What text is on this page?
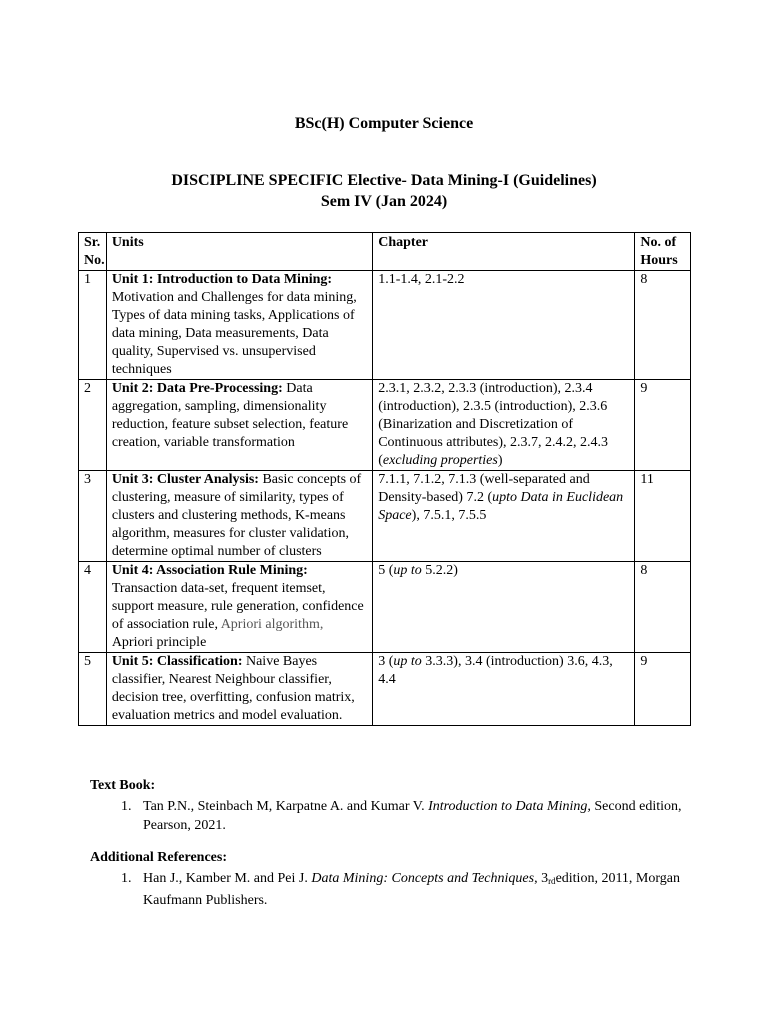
BSc(H) Computer Science
DISCIPLINE SPECIFIC Elective- Data Mining-I (Guidelines)
Sem IV (Jan 2024)
Sr. No.	Units	Chapter	No. of Hours
1	Unit 1: Introduction to Data Mining: Motivation and Challenges for data mining, Types of data mining tasks, Applications of data mining, Data measurements, Data quality, Supervised vs. unsupervised techniques	1.1-1.4, 2.1-2.2	8
2	Unit 2: Data Pre-Processing: Data aggregation, sampling, dimensionality reduction, feature subset selection, feature creation, variable transformation	2.3.1, 2.3.2, 2.3.3 (introduction), 2.3.4 (introduction), 2.3.5 (introduction), 2.3.6 (Binarization and Discretization of Continuous attributes), 2.3.7, 2.4.2, 2.4.3 (excluding properties)	9
3	Unit 3: Cluster Analysis: Basic concepts of clustering, measure of similarity, types of clusters and clustering methods, K-means algorithm, measures for cluster validation, determine optimal number of clusters	7.1.1, 7.1.2, 7.1.3 (well-separated and Density-based) 7.2 (upto Data in Euclidean Space), 7.5.1, 7.5.5	11
4	Unit 4: Association Rule Mining: Transaction data-set, frequent itemset, support measure, rule generation, confidence of association rule, Apriori algorithm, Apriori principle	5 (up to 5.2.2)	8
5	Unit 5: Classification: Naive Bayes classifier, Nearest Neighbour classifier, decision tree, overfitting, confusion matrix, evaluation metrics and model evaluation.	3 (up to 3.3.3), 3.4 (introduction) 3.6, 4.3, 4.4	9
Text Book:
1. Tan P.N., Steinbach M, Karpatne A. and Kumar V. Introduction to Data Mining, Second edition, Pearson, 2021.
Additional References:
1. Han J., Kamber M. and Pei J. Data Mining: Concepts and Techniques, 3rdedition, 2011, Morgan Kaufmann Publishers.
